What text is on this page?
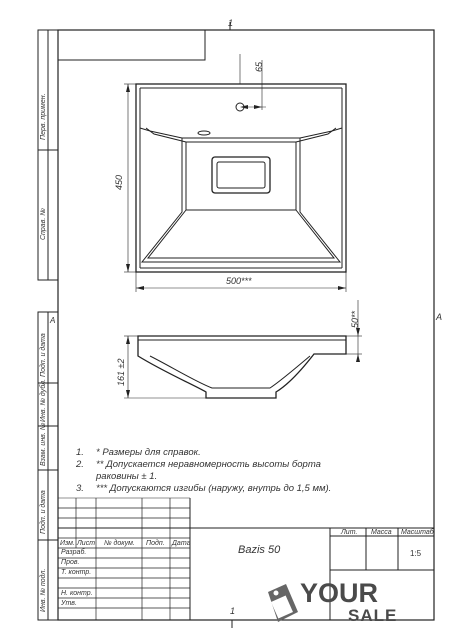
1
1
A
A
450
500***
65
50**
161 ±2
1. * Размеры для справок.
2. ** Допускается неравномерность высоты борта
раковины ± 1.
3. *** Допускаются изгибы (наружу, внутрь до 1,5 мм).
Перв. примен.
Справ. №
Подп. и дата
Инв. № дубл.
Взам. инв. №
Подп. и дата
Инв. № подл.
Изм. Лист № докум. Подп. Дата
Разраб.
Пров.
Т. контр.
Н. контр.
Утв.
Bazis 50
Лит. Масса Масштаб
1:5
YOUR
SALE
